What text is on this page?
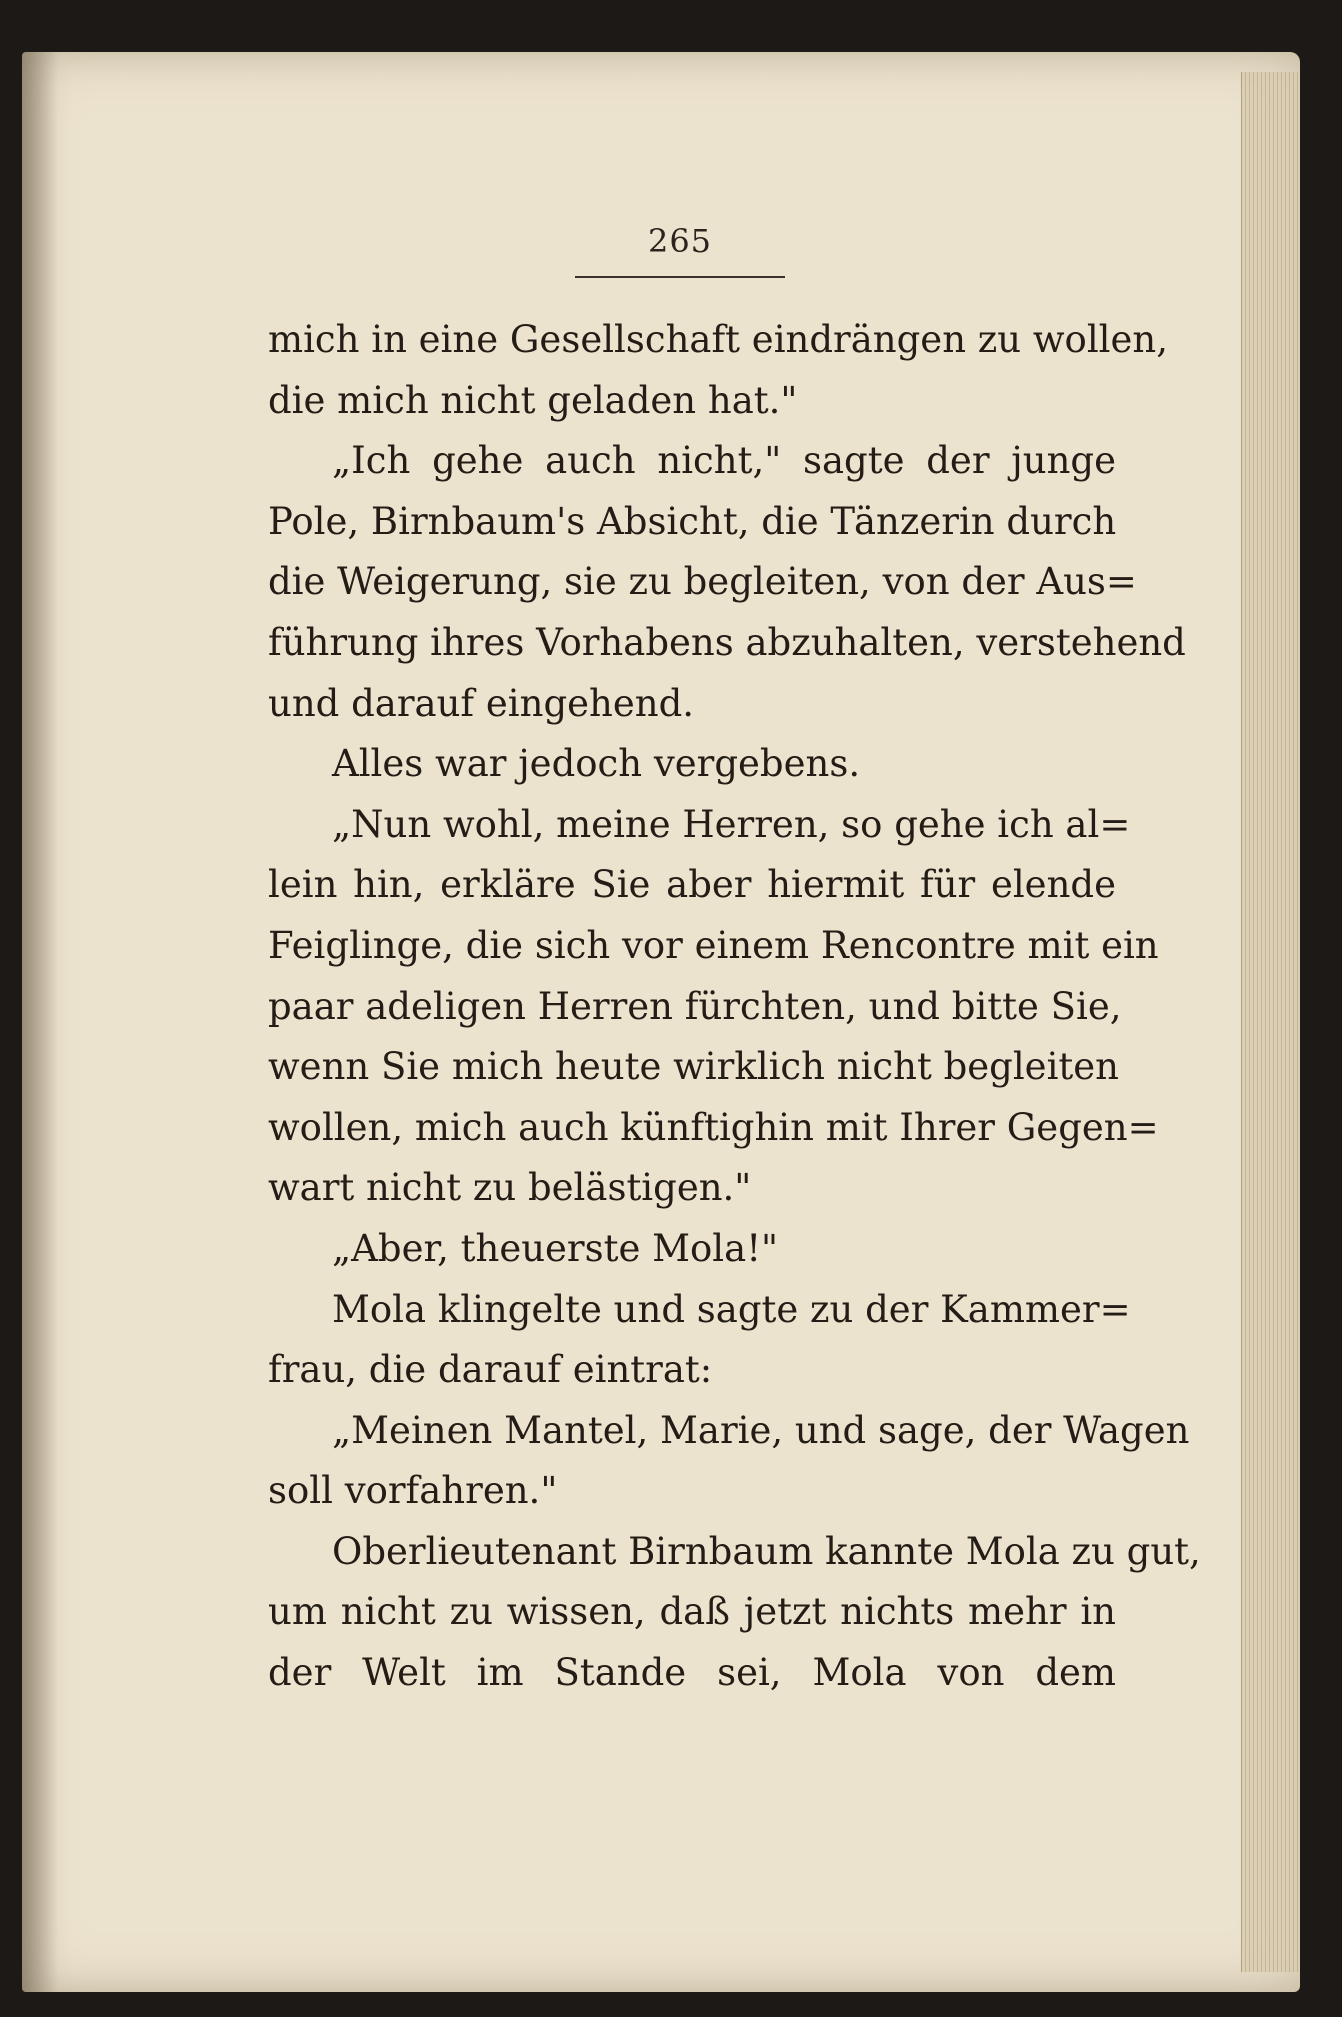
265
mich in eine Gesellschaft eindrängen zu wollen,
die mich nicht geladen hat."
„Ich gehe auch nicht," sagte der junge
Pole, Birnbaum's Absicht, die Tänzerin durch
die Weigerung, sie zu begleiten, von der Aus=
führung ihres Vorhabens abzuhalten, verstehend
und darauf eingehend.
Alles war jedoch vergebens.
„Nun wohl, meine Herren, so gehe ich al=
lein hin, erkläre Sie aber hiermit für elende
Feiglinge, die sich vor einem Rencontre mit ein
paar adeligen Herren fürchten, und bitte Sie,
wenn Sie mich heute wirklich nicht begleiten
wollen, mich auch künftighin mit Ihrer Gegen=
wart nicht zu belästigen."
„Aber, theuerste Mola!"
Mola klingelte und sagte zu der Kammer=
frau, die darauf eintrat:
„Meinen Mantel, Marie, und sage, der Wagen
soll vorfahren."
Oberlieutenant Birnbaum kannte Mola zu gut,
um nicht zu wissen, daß jetzt nichts mehr in
der Welt im Stande sei, Mola von dem
